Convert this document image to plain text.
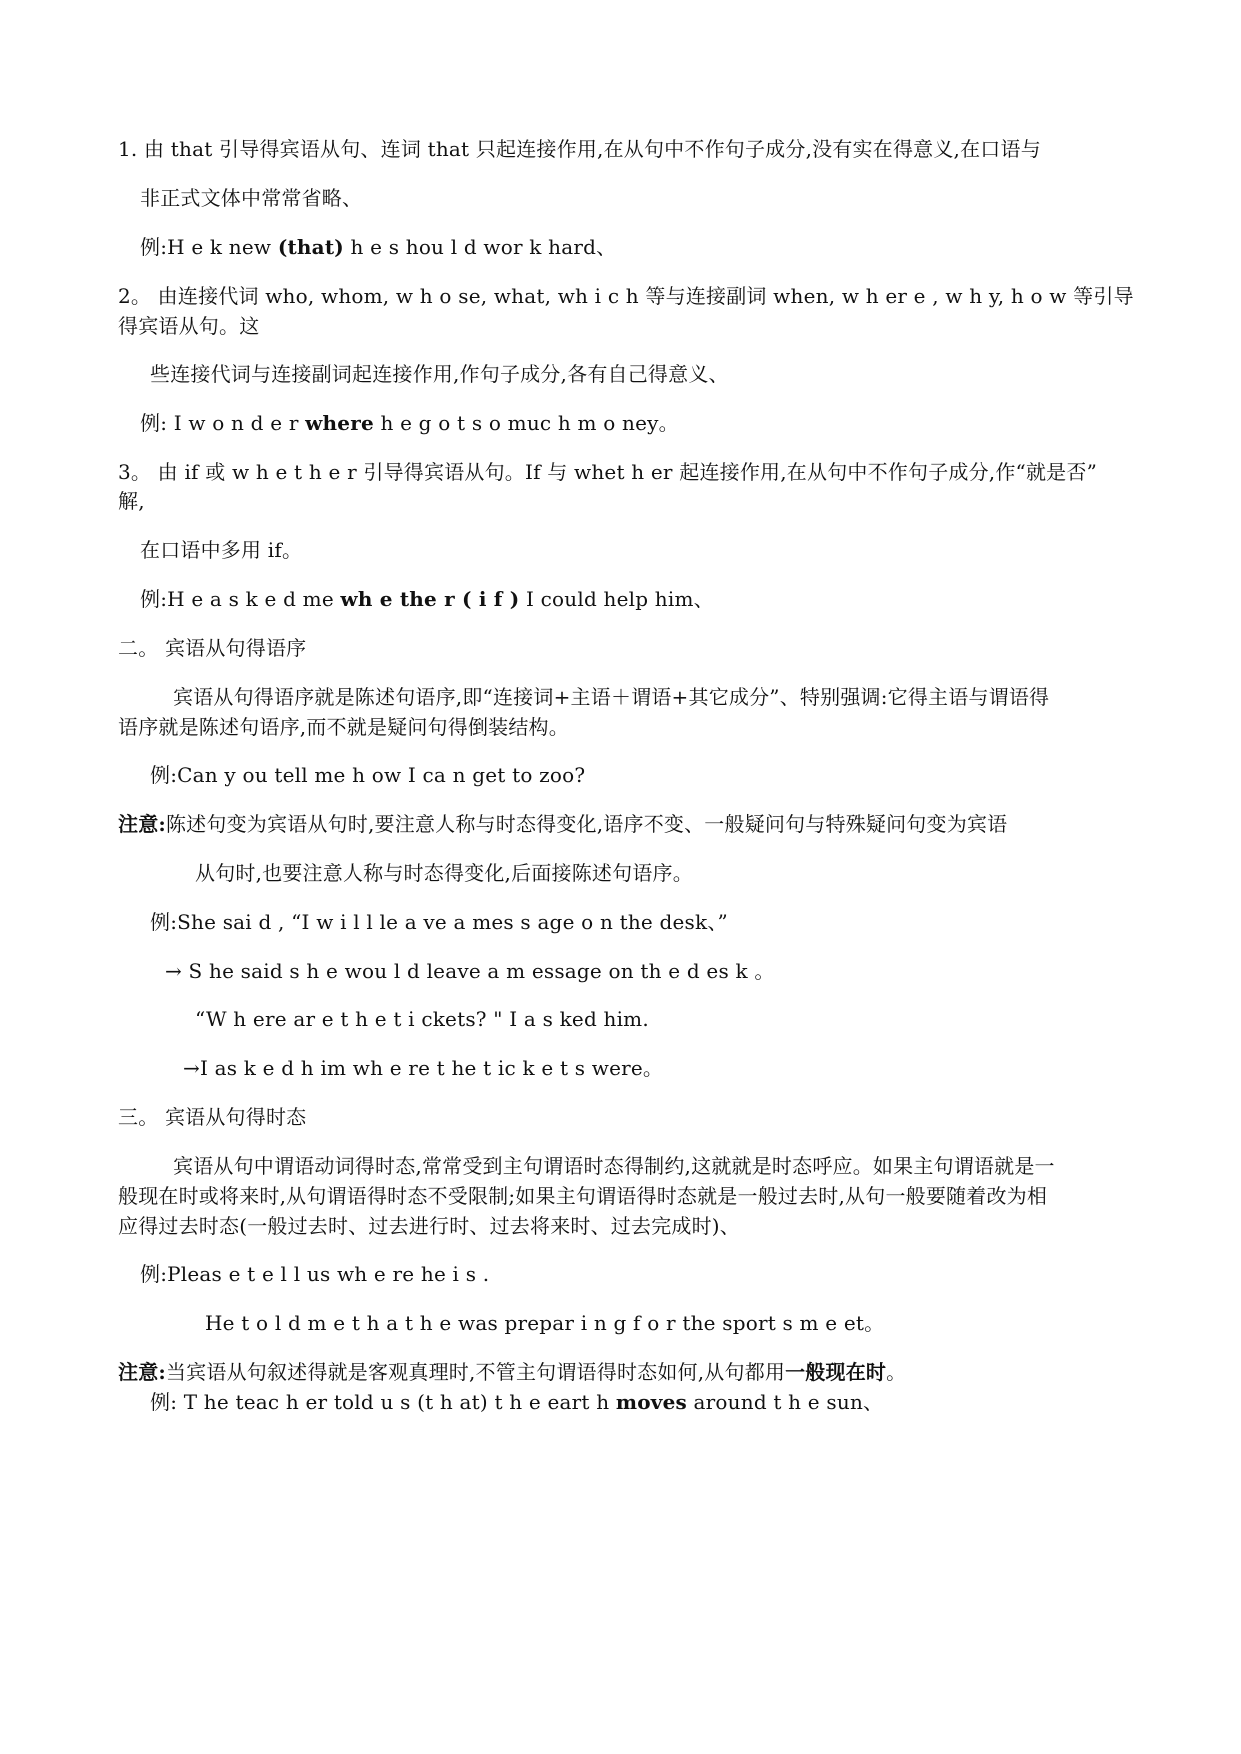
1. 由 that 引导得宾语从句、连词 that 只起连接作用,在从句中不作句子成分,没有实在得意义,在口语与
非正式文体中常常省略、
例:H e k new (that) h e s hou l d wor k hard、
2。 由连接代词 who, whom, w h o se, what, wh i c h 等与连接副词 when, w h er e , w h y, h o w 等引导
得宾语从句。这
些连接代词与连接副词起连接作用,作句子成分,各有自己得意义、
例: I w o n d e r where h e g o t s o muc h m o ney。
3。 由 if 或 w h e t h e r 引导得宾语从句。If 与 whet h er 起连接作用,在从句中不作句子成分,作“就是否”
解,
在口语中多用 if。
例:H e a s k e d me wh e the r ( i f ) I could help him、
二。 宾语从句得语序
宾语从句得语序就是陈述句语序,即“连接词+主语＋谓语+其它成分”、特别强调:它得主语与谓语得
语序就是陈述句语序,而不就是疑问句得倒装结构。
例:Can y ou tell me h ow I ca n get to zoo?
注意:陈述句变为宾语从句时,要注意人称与时态得变化,语序不变、一般疑问句与特殊疑问句变为宾语
从句时,也要注意人称与时态得变化,后面接陈述句语序。
例:She sai d , “I w i l l le a ve a mes s age o n the desk、”
→ S he said s h e wou l d leave a m essage on th e d es k 。
“W h ere ar e t h e t i ckets? " I a s ked him.
→I as k e d h im wh e re t he t ic k e t s were。
三。 宾语从句得时态
宾语从句中谓语动词得时态,常常受到主句谓语时态得制约,这就就是时态呼应。如果主句谓语就是一
般现在时或将来时,从句谓语得时态不受限制;如果主句谓语得时态就是一般过去时,从句一般要随着改为相
应得过去时态(一般过去时、过去进行时、过去将来时、过去完成时)、
例:Pleas e t e l l us wh e re he i s .
He t o l d m e t h a t h e was prepar i n g f o r the sport s m e et。
注意:当宾语从句叙述得就是客观真理时,不管主句谓语得时态如何,从句都用一般现在时。
例: T he teac h er told u s (t h at) t h e eart h moves around t h e sun、
